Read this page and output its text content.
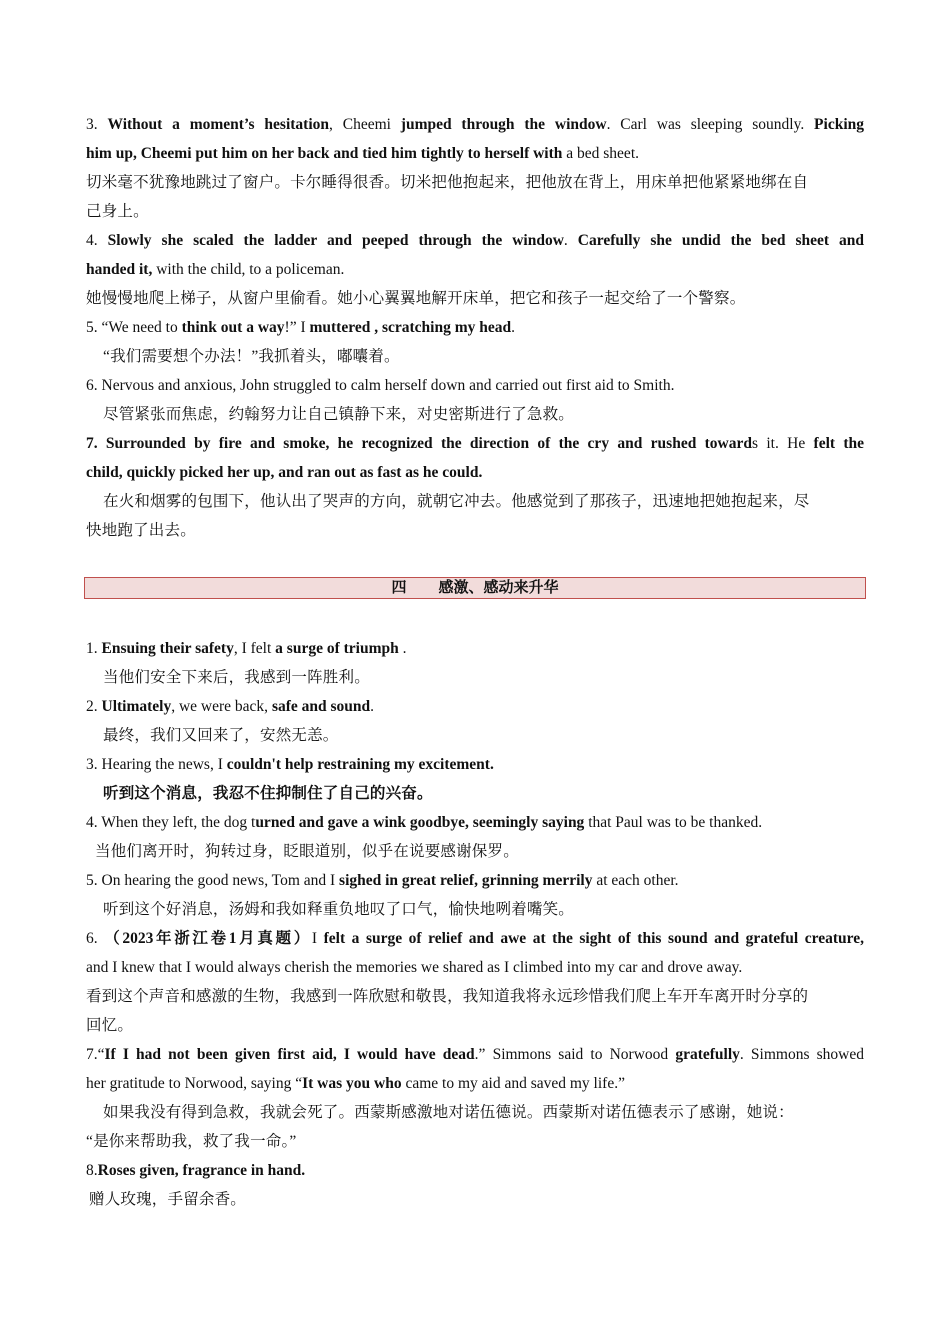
3. Without a moment’s hesitation, Cheemi jumped through the window. Carl was sleeping soundly. Picking
him up, Cheemi put him on her back and tied him tightly to herself with a bed sheet.
切米毫不犹豫地跳过了窗户。卡尔睡得很香。切米把他抱起来，把他放在背上，用床单把他紧紧地绑在自
己身上。
4. Slowly she scaled the ladder and peeped through the window. Carefully she undid the bed sheet and
handed it, with the child, to a policeman.
她慢慢地爬上梯子，从窗户里偷看。她小心翼翼地解开床单，把它和孩子一起交给了一个警察。
5. “We need to think out a way!” I muttered , scratching my head.
“我们需要想个办法！”我抓着头，嘟囔着。
6. Nervous and anxious, John struggled to calm herself down and carried out first aid to Smith.
尽管紧张而焦虑，约翰努力让自己镇静下来，对史密斯进行了急救。
7. Surrounded by fire and smoke, he recognized the direction of the cry and rushed towards it. He felt the
child, quickly picked her up, and ran out as fast as he could.
在火和烟雾的包围下，他认出了哭声的方向，就朝它冲去。他感觉到了那孩子，迅速地把她抱起来，尽
快地跑了出去。
四 感激、感动来升华
1. Ensuing their safety, I felt a surge of triumph .
当他们安全下来后，我感到一阵胜利。
2. Ultimately, we were back, safe and sound.
最终，我们又回来了，安然无恙。
3. Hearing the news, I couldn't help restraining my excitement.
听到这个消息，我忍不住抑制住了自己的兴奋。
4. When they left, the dog turned and gave a wink goodbye, seemingly saying that Paul was to be thanked.
当他们离开时，狗转过身，眨眼道别，似乎在说要感谢保罗。
5. On hearing the good news, Tom and I sighed in great relief, grinning merrily at each other.
听到这个好消息，汤姆和我如释重负地叹了口气，愉快地咧着嘴笑。
6. （2023年浙江卷1月真题）I felt a surge of relief and awe at the sight of this sound and grateful creature,
and I knew that I would always cherish the memories we shared as I climbed into my car and drove away.
看到这个声音和感激的生物，我感到一阵欣慰和敬畏，我知道我将永远珍惜我们爬上车开车离开时分享的
回忆。
7.“If I had not been given first aid, I would have dead.” Simmons said to Norwood gratefully. Simmons showed
her gratitude to Norwood, saying “It was you who came to my aid and saved my life.”
如果我没有得到急救，我就会死了。西蒙斯感激地对诺伍德说。西蒙斯对诺伍德表示了感谢，她说：
“是你来帮助我，救了我一命。”
8.Roses given, fragrance in hand.
赠人玫瑰，手留余香。
